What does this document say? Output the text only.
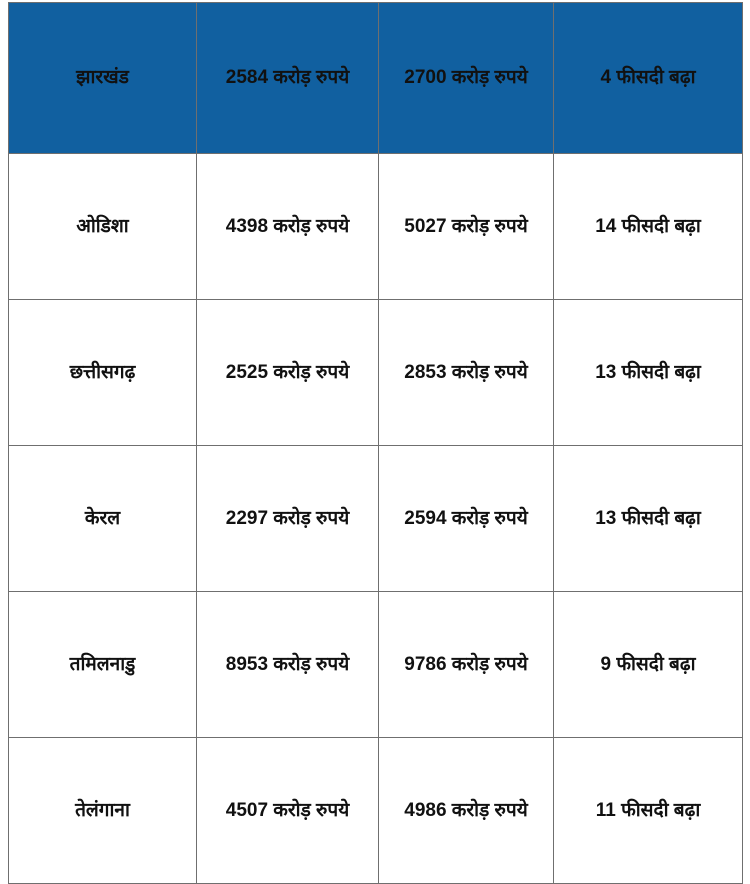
झारखंड	2584 करोड़ रुपये	2700 करोड़ रुपये	4 फीसदी बढ़ा
ओडिशा	4398 करोड़ रुपये	5027 करोड़ रुपये	14 फीसदी बढ़ा
छत्तीसगढ़	2525 करोड़ रुपये	2853 करोड़ रुपये	13 फीसदी बढ़ा
केरल	2297 करोड़ रुपये	2594 करोड़ रुपये	13 फीसदी बढ़ा
तमिलनाडु	8953 करोड़ रुपये	9786 करोड़ रुपये	9 फीसदी बढ़ा
तेलंगाना	4507 करोड़ रुपये	4986 करोड़ रुपये	11 फीसदी बढ़ा
